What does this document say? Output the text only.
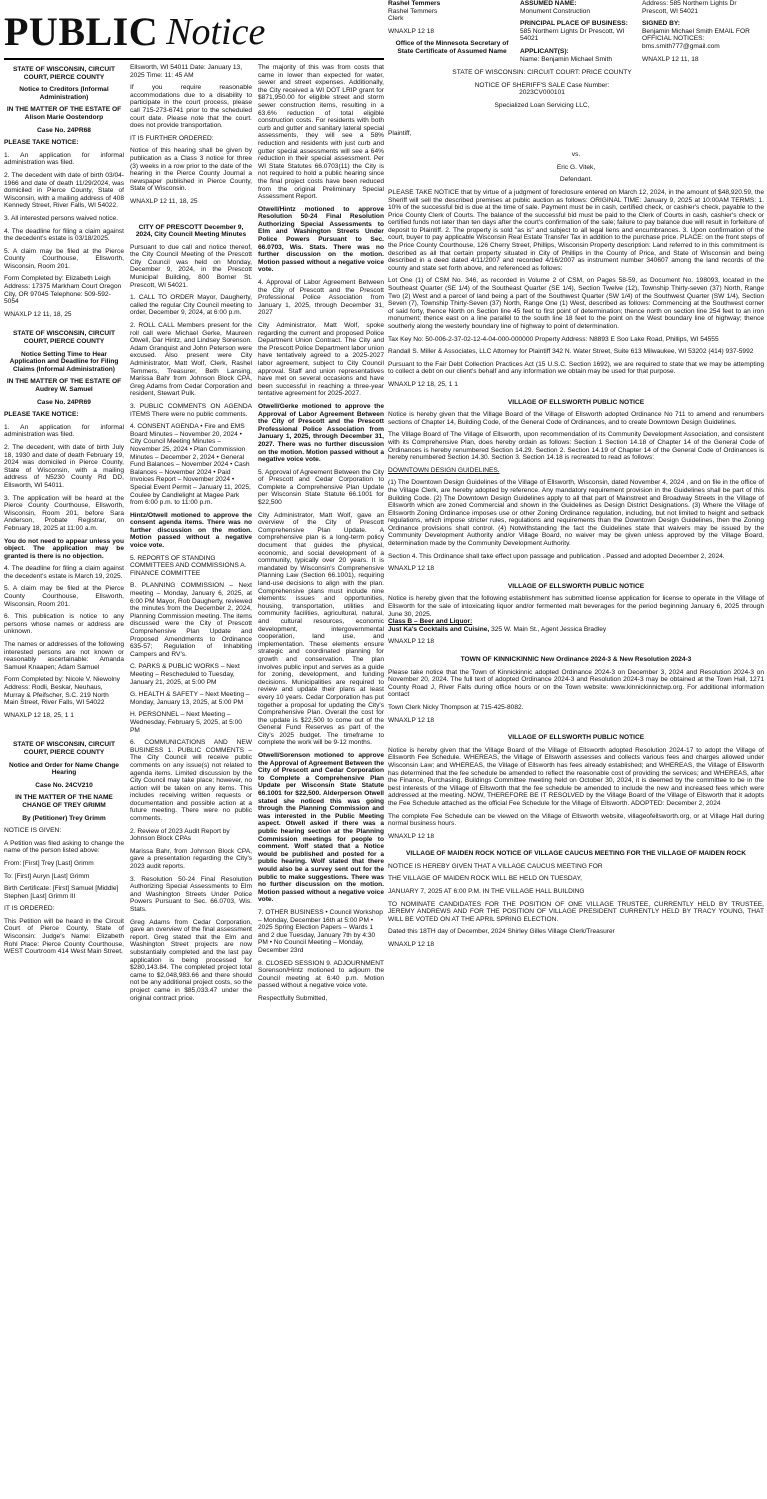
PUBLIC Notice
STATE OF WISCONSIN, CIRCUIT COURT, PIERCE COUNTY

Notice to Creditors (Informal Administration)

IN THE MATTER OF THE ESTATE OF Alison Marie Oostendorp

Case No. 24PR68

PLEASE TAKE NOTICE:

1. An application for informal administration was filed.

2. The decedent with date of birth 03/04-1966 and date of death 11/29/2024, was domiciled in Pierce County, State of Wisconsin, with a mailing address of 408 Kennedy Street, River Falls, WI 54022.

3. All interested persons waived notice.

4. The deadline for filing a claim against the decedent's estate is 03/18/2025.

5. A claim may be filed at the Pierce County Courthouse, Ellsworth, Wisconsin, Room 201.

Form Completed by: Elizabeth Leigh Address: 17375 Markham Court Oregon City, OR 97045 Telephone: 509-592-5054

WNAXLP 12 11, 18, 25

STATE OF WISCONSIN, CIRCUIT COURT, PIERCE COUNTY

Notice Setting Time to Hear Application and Deadline for Filing Claims (Informal Administration)

IN THE MATTER OF THE ESTATE OF Audrey W. Samuel

Case No. 24PR69

PLEASE TAKE NOTICE:

1. An application for informal administration was filed.

2. The decedent, with date of birth July 18, 1930 and date of death February 19, 2024 was domiciled in Pierce County, State of Wisconsin, with a mailing address of N5230 County Rd DD, Ellsworth, WI 54011.

3. The application will be heard at the Pierce County Courthouse, Ellsworth, Wisconsin, Room 201, before Sara Anderson, Probate Registrar, on February 18, 2025 at 11:00 a.m.

You do not need to appear unless you object. The application may be granted is there is no objection.

4. The deadline for filing a claim against the decedent's estate is March 19, 2025.

5. A claim may be filed at the Pierce County Courthouse, Ellsworth, Wisconsin, Room 201.

6. This publication is notice to any persons whose names or address are unknown.

The names or addresses of the following interested persons are not known or reasonably ascertainable: Amanda Samuel Knaapen; Adam Samuel

Form Completed by: Nicole V. Niewolny Address: Rodli, Beskar, Neuhaus, Murray & Pfeifscher, S.C. 219 North Main Street, River Falls, WI 54022

WNAXLP 12 18, 25, 1 1

STATE OF WISCONSIN, CIRCUIT COURT, PIERCE COUNTY

Notice and Order for Name Change Hearing

Case No. 24CV210

IN THE MATTER OF THE NAME CHANGE OF TREY GRIMM

By (Petitioner) Trey Grimm

NOTICE IS GIVEN:

A Petition was filed asking to change the name of the person listed above:

From: [First] Trey [Last] Grimm

To: [First] Auryn [Last] Grimm

Birth Certificate: [First] Samuel [Middle] Stephen [Last] Grimm III

IT IS ORDERED:

This Petition will be heard in the Circuit Court of Pierce County, State of Wisconsin: Judge's Name: Elizabeth Rohl Place: Pierce County Courthouse, WEST Courtroom 414 West Main Street,

Ellsworth, WI 54011 Date: January 13, 2025 Time: 11: 45 AM

If you require reasonable accommodations due to a disability to participate in the court process, please call 715-273-6741 prior to the scheduled court date. Please note that the court. does not provide transportation.

IT IS FURTHER ORDERED:

Notice of this hearing shall be given by publication as a Class 3 notice for three (3) weeks in a row prior to the date of the hearing in the Pierce County Journal a newspaper published in Pierce County, State of Wisconsin.

WNAXLP 12 11, 18, 25

CITY OF PRESCOTT December 9, 2024, City Council Meeting Minutes

Pursuant to due call and notice thereof, the City Council Meeting of the Prescott City Council was held on Monday, December 9, 2024, in the Prescott Municipal Building, 800 Borner St. Prescott, WI 54021.

1. CALL TO ORDER Mayor, Daugherty, called the regular City Council meeting to order, December 9, 2024, at 6:00 p.m.

2. ROLL CALL Members present for the roll call were Michael Gerke, Maureen Otwell, Dar Hintz, and Lindsey Sorenson. Adam Granquist and John Peterson were excused. Also present were City Administrator, Matt Wolf, Clerk, Rashel Temmers, Treasurer, Beth Lansing, Marissa Bahr from Johnson Block CPA, Greg Adams from Cedar Corporation and resident, Stewart Pulk.

3. PUBLIC COMMENTS ON AGENDA ITEMS There were no public comments.

4. CONSENT AGENDA • Fire and EMS Board Minutes – November 20, 2024 • City Council Meeting Minutes – November 25, 2024 • Plan Commission Minutes – December 2, 2024 • General Fund Balances – November 2024 • Cash Balances – November 2024 • Paid Invoices Report – November 2024 • Special Event Permit – January 11, 2025, Coulee by Candlelight at Magee Park from 6:00 p.m. to 11:00 p.m.

Hintz/Otwell motioned to approve the consent agenda items. There was no further discussion on the motion. Motion passed without a negative voice vote.

5. REPORTS OF STANDING COMMITTEES AND COMMISSIONS A. FINANCE COMMITTEE

B. PLANNING COMMISSION – Next meeting – Monday, January 6, 2025, at 6:00 PM Mayor, Rob Daugherty, reviewed the minutes from the December 2, 2024, Planning Commission meeting. The items discussed were the City of Prescott Comprehensive Plan Update and Proposed Amendments to Ordinance 635-57; Regulation of Inhabiting Campers and RV's.

C. PARKS & PUBLIC WORKS – Next Meeting – Rescheduled to Tuesday, January 21, 2025, at 5:00 PM

G. HEALTH & SAFETY – Next Meeting – Monday, January 13, 2025, at 5:00 PM

H. PERSONNEL – Next Meeting – Wednesday, February 5, 2025, at 5:00 PM

6. COMMUNICATIONS AND NEW BUSINESS 1. PUBLIC COMMENTS – The City Council will receive public comments on any issue(s) not related to agenda items. Limited discussion by the City Council may take place; however, no action will be taken on any items. This includes receiving written requests or documentation and possible action at a future meeting. There were no public comments.

2. Review of 2023 Audit Report by Johnson Block CPAs

Marissa Bahr, from Johnson Block CPA, gave a presentation regarding the City's 2023 audit reports.

3. Resolution 50-24 Final Resolution Authorizing Special Assessments to Elm and Washington Streets Under Police Powers Pursuant to Sec. 66.0703, Wis. Stats.

Greg Adams from Cedar Corporation, gave an overview of the final assessment report. Greg stated that the Elm and Washington Street projects are now substantially completed and the last pay application is being processed for $280,143.84. The completed project total came to $2,048,983.66 and there should not be any additional project costs, so the project came in $85,033.47 under the original contract price.

The majority of this was from costs that came in lower than expected for water, sewer and street expenses. Additionally, the City received a WI DOT LRIP grant for $871,950.00 for eligible street and storm sewer construction items, resulting in a 63.6% reduction of total eligible construction costs. For residents with both curb and gutter and sanitary lateral special assessments, they will see a 58% reduction and residents with just curb and gutter special assessments will see a 64% reduction in their special assessment. Per WI State Statutes 66.0703(11) the City is not required to hold a public hearing since the final project costs have been reduced from the original Preliminary Special Assessment Report.

Otwell/Hintz motioned to approve Resolution 50-24 Final Resolution Authorizing Special Assessments to Elm and Washington Streets Under Police Powers Pursuant to Sec. 66.0703, Wis. Stats. There was no further discussion on the motion. Motion passed without a negative voice vote.

4. Approval of Labor Agreement Between the City of Prescott and the Prescott Professional Police Association from January 1, 2025, through December 31, 2027

City Administrator, Matt Wolf, spoke regarding the current and proposed Police Department Union Contract. The City and the Prescott Police Department labor union have tentatively agreed to a 2025-2027 labor agreement, subject to City Council approval. Staff and union representatives have met on several occasions and have been successful in reaching a three-year tentative agreement for 2025-2027.

Otwell/Gerke motioned to approve the Approval of Labor Agreement Between the City of Prescott and the Prescott Professional Police Association from January 1, 2025, through December 31, 2027. There was no further discussion on the motion. Motion passed without a negative voice vote.

5. Approval of Agreement Between the City of Prescott and Cedar Corporation to Complete a Comprehensive Plan Update per Wisconsin State Statute 66.1001 for $22,500

City Administrator, Matt Wolf, gave an overview of the City of Prescott Comprehensive Plan Update. A comprehensive plan is a long-term policy document that guides the physical, economic, and social development of a community, typically over 20 years. It is mandated by Wisconsin's Comprehensive Planning Law (Section 66.1001), requiring land-use decisions to align with the plan. Comprehensive plans must include nine elements: issues and opportunities, housing, transportation, utilities and community facilities, agricultural, natural, and cultural resources, economic development, intergovernmental cooperation, land use, and implementation. These elements ensure strategic and coordinated planning for growth and conservation. The plan involves public input and serves as a guide for zoning, development, and funding decisions. Municipalities are required to review and update their plans at least every 10 years. Cedar Corporation has put together a proposal for updating the City's Comprehensive Plan. Overall the cost for the update is $22,500 to come out of the General Fund Reserves as part of the City's 2025 budget. The timeframe to complete the work will be 9-12 months.

Otwell/Sorenson motioned to approve the Approval of Agreement Between the City of Prescott and Cedar Corporation to Complete a Comprehensive Plan Update per Wisconsin State Statute 66.1001 for $22,500. Alderperson Otwell stated she noticed this was going through the Planning Commission and was interested in the Public Meeting aspect. Otwell asked if there was a public hearing section at the Planning Commission meetings for people to comment. Wolf stated that a Notice would be published and posted for a public hearing. Wolf stated that there would also be a survey sent out for the public to make suggestions. There was no further discussion on the motion. Motion passed without a negative voice vote.

7. OTHER BUSINESS • Council Workshop – Monday, December 16th at 5:00 PM • 2025 Spring Election Papers – Wards 1 and 2 due Tuesday, January 7th by 4:30 PM • No Council Meeting – Monday, December 23rd

8. CLOSED SESSION 9. ADJOURNMENT Sorenson/Hintz motioned to adjourn the Council meeting at 6:40 p.m. Motion passed without a negative voice vote.

Respectfully Submitted,

Rashel Temmers
Rashel Temmers
Clerk

WNAXLP 12 18

Office of the Minnesota Secretary of State Certificate of Assumed Name

ASSUMED NAME:
Monument Construction

PRINCIPAL PLACE OF BUSINESS:

585 Northern Lights Dr Prescott, WI 54021

APPLICANT(S):

Name: Benjamin Michael Smith
Address: 585 Northern Lights Dr Prescott, WI 54021

SIGNED BY:

Benjamin Michael Smith EMAIL FOR OFFICIAL NOTICES: bms.smith777@gmail.com

WNAXLP 12 11, 18

STATE OF WISCONSIN: CIRCUIT COURT: PRICE COUNTY

NOTICE OF SHERIFF'S SALE Case Number: 2023CV000101

Specialized Loan Servicing LLC,

Plaintiff,

vs.

Eric G. Vitek,

Defendant.

PLEASE TAKE NOTICE that by virtue of a judgment of foreclosure entered on March 12, 2024, in the amount of $48,920.59, the Sheriff will sell the described premises at public auction as follows: ORIGINAL TIME: January 9, 2025 at 10:00AM TERMS: 1. 10% of the successful bid is due at the time of sale. Payment must be in cash, certified check, or cashier's check, payable to the Price County Clerk of Courts. The balance of the successful bid must be paid to the Clerk of Courts in cash, cashier's check or certified funds not later than ten days after the court's confirmation of the sale; failure to pay balance due will result in forfeiture of deposit to Plaintiff. 2. The property is sold "as is" and subject to all legal liens and encumbrances. 3. Upon confirmation of the court, buyer to pay applicable Wisconsin Real Estate Transfer Tax in addition to the purchase price. PLACE: on the front steps of the Price County Courthouse, 126 Cherry Street, Phillips, Wisconsin Property description: Land referred to in this commitment is described as all that certain property situated in City of Phillips in the County of Price, and State of Wisconsin and being described in a deed dated 4/11/2007 and recorded 4/16/2007 as instrument number 340607 among the land records of the county and state set forth above, and referenced as follows:

Lot One (1) of CSM No. 346, as recorded in Volume 2 of CSM, on Pages 58-59, as Document No. 198093, located in the Southeast Quarter (SE 1/4) of the Southeast Quarter (SE 1/4), Section Twelve (12), Township Thirty-seven (37) North, Range Two (2) West and a parcel of land being a part of the Southwest Quarter (SW 1/4) of the Southwest Quarter (SW 1/4), Section Seven (7), Township Thirty-Seven (37) North, Range One (1) West, described as follows: Commencing at the Southwest corner of said forty, thence North on Section line 45 feet to first point of determination; thence north on section line 254 feet to an iron monument; thence east on a line parallel to the south line 18 feet to the point on the West boundary line of highway; thence southerly along the westerly boundary line of highway to point of determination.

Tax Key No: 50-006-2-37-02-12-4-04-000-000000 Property Address: N8893 E Soo Lake Road, Phillips, WI 54555

Randall S. Miller & Associates, LLC Attorney for Plaintiff 342 N. Water Street, Suite 613 Milwaukee, WI 53202 (414) 937-5992

Pursuant to the Fair Debt Collection Practices Act (15 U.S.C. Section 1692), we are required to state that we may be attempting to collect a debt on our client's behalf and any information we obtain may be used for that purpose.

WNAXLP 12 18, 25, 1 1

VILLAGE OF ELLSWORTH PUBLIC NOTICE

Notice is hereby given that the Village Board of the Village of Ellsworth adopted Ordinance No 711 to amend and renumbers sections of Chapter 14, Building Code, of the General Code of Ordinances, and to create Downtown Design Guidelines.

The Village Board of The Village of Ellsworth, upon recommendation of its Community Development Association, and consistent with its Comprehensive Plan, does hereby ordain as follows: Section 1 Section 14.18 of Chapter 14 of the General Code of Ordinances is hereby renumbered Section 14.29. Section 2. Section 14.19 of Chapter 14 of the General Code of Ordinances is hereby renumbered Section 14.30. Section 3. Section 14.18 is recreated to read as follows:

DOWNTOWN DESIGN GUIDELINES.

(1) The Downtown Design Guidelines of the Village of Ellsworth, Wisconsin, dated November 4, 2024 , and on file in the office of the Village Clerk, are hereby adopted by reference. Any mandatory requirement provision in the Guidelines shall be part of this Building Code. (2) The Downtown Design Guidelines apply to all that part of Mainstreet and Broadway Streets in the Village of Ellsworth which are zoned Commercial and shown in the Guidelines as Design District Designations. (3) Where the Village of Ellsworth Zoning Ordinance imposes use or other Zoning Ordinance regulation, including, but not limited to height and setback regulations, which impose stricter rules, regulations and requirements than the Downtown Design Guidelines, then the Zoning Ordinance provisions shall control. (4) Notwithstanding the fact the Guidelines state that waivers may be issued by the Community Development Authority and/or Village Board, no waiver may be given unless approved by the Village Board, determination made by the Community Development Authority.

Section 4. This Ordinance shall take effect upon passage and publication . Passed and adopted December 2, 2024.

WNAXLP 12 18

VILLAGE OF ELLSWORTH PUBLIC NOTICE

Notice is hereby given that the following establishment has submitted license application for license to operate in the Village of Ellsworth for the sale of intoxicating liquor and/or fermented malt beverages for the period beginning January 6, 2025 through June 30, 2025.

Class B – Beer and Liquor:
Just Ka's Cocktails and Cuisine, 325 W. Main St., Agent Jessica Bradley

WNAXLP 12 18

TOWN OF KINNICKINNIC New Ordinance 2024-3 & New Resolution 2024-3

Please take notice that the Town of Kinnickinnic adopted Ordinance 2024-3 on December 3, 2024 and Resolution 2024-3 on November 20, 2024. The full text of adopted Ordinance 2024-3 and Resolution 2024-3 may be obtained at the Town Hall, 1271 County Road J, River Falls during office hours or on the Town website: www.kinnickinnictwp.org. For additional information contact

Town Clerk Nicky Thompson at 715-425-8082.

WNAXLP 12 18

VILLAGE OF ELLSWORTH PUBLIC NOTICE

Notice is hereby given that the Village Board of the Village of Ellsworth adopted Resolution 2024-17 to adopt the Village of Ellsworth Fee Schedule. WHEREAS, the Village of Ellsworth assesses and collects various fees and charges allowed under Wisconsin Law; and WHEREAS, the Village of Ellsworth has fees already established; and WHEREAS, the Village of Ellsworth has determined that the fee schedule be amended to reflect the reasonable cost of providing the services; and WHEREAS, after the Finance, Purchasing, Buildings Committee meeting held on October 30, 2024, it is deemed by the committee to be in the best interests of the Village of Ellsworth that the fee schedule be amended to include the new and increased fees which were addressed at the meeting. NOW, THEREFORE BE IT RESOLVED by the Village Board of the Village of Ellsworth that it adopts the Fee Schedule attached as the official Fee Schedule for the Village of Ellsworth. ADOPTED: December 2, 2024

The complete Fee Schedule can be viewed on the Village of Ellsworth website, villageofellsworth.org, or at Village Hall during normal business hours.

WNAXLP 12 18

VILLAGE OF MAIDEN ROCK NOTICE OF VILLAGE CAUCUS MEETING FOR THE VILLAGE OF MAIDEN ROCK

NOTICE IS HEREBY GIVEN THAT A VILLAGE CAUCUS MEETING FOR

THE VILLAGE OF MAIDEN ROCK WILL BE HELD ON TUESDAY,

JANUARY 7, 2025 AT 6:00 P.M. IN THE VILLAGE HALL BUILDING

TO NOMINATE CANDIDATES FOR THE POSITION OF ONE VILLAGE TRUSTEE, CURRENTLY HELD BY TRUSTEE, JEREMY ANDREWS AND FOR THE POSITION OF VILLAGE PRESIDENT CURRENTLY HELD BY TRACY YOUNG, THAT WILL BE VOTED ON AT THE APRIL SPRING ELECTION.

Dated this 18TH day of December, 2024 Shirley Gilles Village Clerk/Treasurer

WNAXLP 12 18
